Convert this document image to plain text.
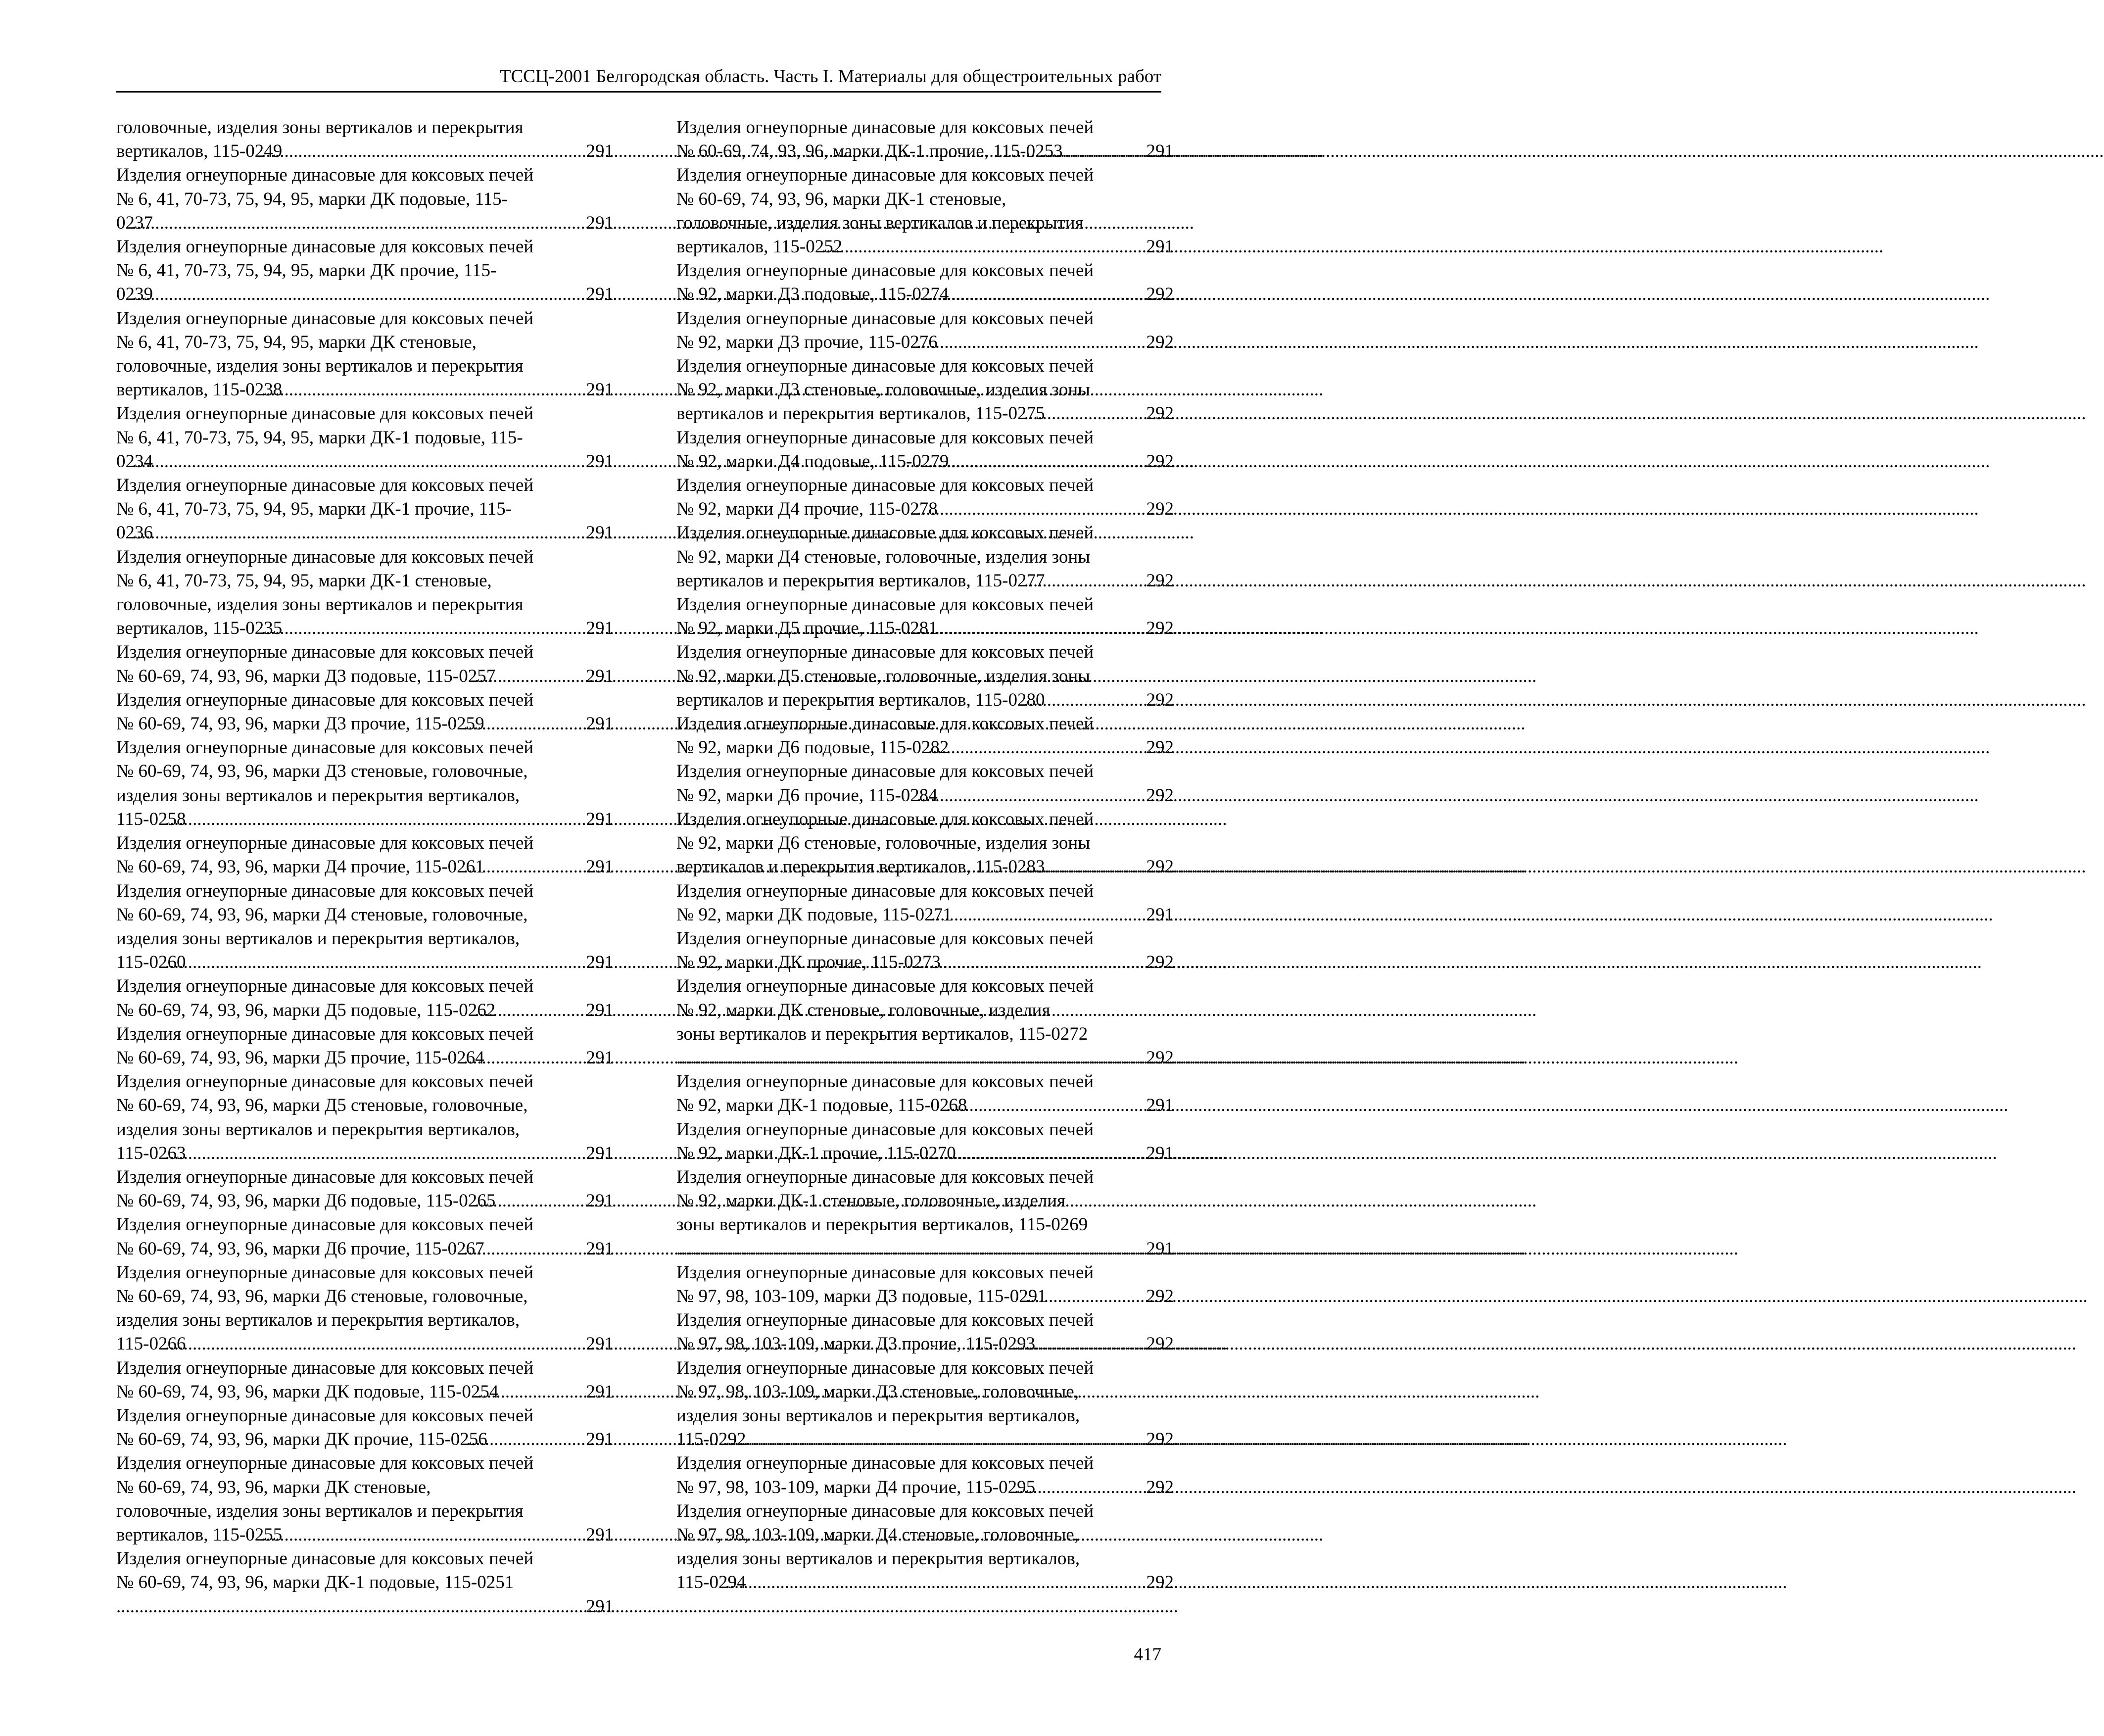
ТССЦ-2001 Белгородская область. Часть I. Материалы для общестроительных работ

головочные, изделия зоны вертикалов и перекрытия
вертикалов, 115-0249 .....	291

Изделия огнеупорные динасовые для коксовых печей
№ 6, 41, 70-73, 75, 94, 95, марки ДК подовые, 115-
0237 .....	291

Изделия огнеупорные динасовые для коксовых печей
№ 6, 41, 70-73, 75, 94, 95, марки ДК прочие, 115-
0239 .....	291

Изделия огнеупорные динасовые для коксовых печей
№ 6, 41, 70-73, 75, 94, 95, марки ДК стеновые,
головочные, изделия зоны вертикалов и перекрытия
вертикалов, 115-0238 .....	291

Изделия огнеупорные динасовые для коксовых печей
№ 6, 41, 70-73, 75, 94, 95, марки ДК-1 подовые, 115-
0234 .....	291

Изделия огнеупорные динасовые для коксовых печей
№ 6, 41, 70-73, 75, 94, 95, марки ДК-1 прочие, 115-
0236 .....	291

Изделия огнеупорные динасовые для коксовых печей
№ 6, 41, 70-73, 75, 94, 95, марки ДК-1 стеновые,
головочные, изделия зоны вертикалов и перекрытия
вертикалов, 115-0235 .....	291

Изделия огнеупорные динасовые для коксовых печей
№ 60-69, 74, 93, 96, марки Д3 подовые, 115-0257 .....	291

Изделия огнеупорные динасовые для коксовых печей
№ 60-69, 74, 93, 96, марки Д3 прочие, 115-0259 .....	291

Изделия огнеупорные динасовые для коксовых печей
№ 60-69, 74, 93, 96, марки Д3 стеновые, головочные,
изделия зоны вертикалов и перекрытия вертикалов,
115-0258 .....	291

Изделия огнеупорные динасовые для коксовых печей
№ 60-69, 74, 93, 96, марки Д4 прочие, 115-0261 .....	291

Изделия огнеупорные динасовые для коксовых печей
№ 60-69, 74, 93, 96, марки Д4 стеновые, головочные,
изделия зоны вертикалов и перекрытия вертикалов,
115-0260 .....	291

Изделия огнеупорные динасовые для коксовых печей
№ 60-69, 74, 93, 96, марки Д5 подовые, 115-0262 .....	291

Изделия огнеупорные динасовые для коксовых печей
№ 60-69, 74, 93, 96, марки Д5 прочие, 115-0264 .....	291

Изделия огнеупорные динасовые для коксовых печей
№ 60-69, 74, 93, 96, марки Д5 стеновые, головочные,
изделия зоны вертикалов и перекрытия вертикалов,
115-0263 .....	291

Изделия огнеупорные динасовые для коксовых печей
№ 60-69, 74, 93, 96, марки Д6 подовые, 115-0265 .....	291

Изделия огнеупорные динасовые для коксовых печей
№ 60-69, 74, 93, 96, марки Д6 прочие, 115-0267 .....	291

Изделия огнеупорные динасовые для коксовых печей
№ 60-69, 74, 93, 96, марки Д6 стеновые, головочные,
изделия зоны вертикалов и перекрытия вертикалов,
115-0266 .....	291

Изделия огнеупорные динасовые для коксовых печей
№ 60-69, 74, 93, 96, марки ДК подовые, 115-0254 .....	291

Изделия огнеупорные динасовые для коксовых печей
№ 60-69, 74, 93, 96, марки ДК прочие, 115-0256 .....	291

Изделия огнеупорные динасовые для коксовых печей
№ 60-69, 74, 93, 96, марки ДК стеновые,
головочные, изделия зоны вертикалов и перекрытия
вертикалов, 115-0255 .....	291

Изделия огнеупорные динасовые для коксовых печей
№ 60-69, 74, 93, 96, марки ДК-1 подовые, 115-0251
.....
291

Изделия огнеупорные динасовые для коксовых печей
№ 60-69, 74, 93, 96, марки ДК-1 прочие, 115-0253 .....	291

Изделия огнеупорные динасовые для коксовых печей
№ 60-69, 74, 93, 96, марки ДК-1 стеновые,
головочные, изделия зоны вертикалов и перекрытия
вертикалов, 115-0252 .....	291

Изделия огнеупорные динасовые для коксовых печей
№ 92, марки Д3 подовые, 115-0274 .....	292

Изделия огнеупорные динасовые для коксовых печей
№ 92, марки Д3 прочие, 115-0276 .....	292

Изделия огнеупорные динасовые для коксовых печей
№ 92, марки Д3 стеновые, головочные, изделия зоны
вертикалов и перекрытия вертикалов, 115-0275 .....	292

Изделия огнеупорные динасовые для коксовых печей
№ 92, марки Д4 подовые, 115-0279 .....	292

Изделия огнеупорные динасовые для коксовых печей
№ 92, марки Д4 прочие, 115-0278 .....	292

Изделия огнеупорные динасовые для коксовых печей
№ 92, марки Д4 стеновые, головочные, изделия зоны
вертикалов и перекрытия вертикалов, 115-0277 .....	292

Изделия огнеупорные динасовые для коксовых печей
№ 92, марки Д5 прочие, 115-0281 .....	292

Изделия огнеупорные динасовые для коксовых печей
№ 92, марки Д5 стеновые, головочные, изделия зоны
вертикалов и перекрытия вертикалов, 115-0280 .....	292

Изделия огнеупорные динасовые для коксовых печей
№ 92, марки Д6 подовые, 115-0282 .....	292

Изделия огнеупорные динасовые для коксовых печей
№ 92, марки Д6 прочие, 115-0284 .....	292

Изделия огнеупорные динасовые для коксовых печей
№ 92, марки Д6 стеновые, головочные, изделия зоны
вертикалов и перекрытия вертикалов, 115-0283 .....	292

Изделия огнеупорные динасовые для коксовых печей
№ 92, марки ДК подовые, 115-0271 .....	291

Изделия огнеупорные динасовые для коксовых печей
№ 92, марки ДК прочие, 115-0273 .....	292

Изделия огнеупорные динасовые для коксовых печей
№ 92, марки ДК стеновые, головочные, изделия
зоны вертикалов и перекрытия вертикалов, 115-0272
.....
292

Изделия огнеупорные динасовые для коксовых печей
№ 92, марки ДК-1 подовые, 115-0268 .....	291

Изделия огнеупорные динасовые для коксовых печей
№ 92, марки ДК-1 прочие, 115-0270 .....	291

Изделия огнеупорные динасовые для коксовых печей
№ 92, марки ДК-1 стеновые, головочные, изделия
зоны вертикалов и перекрытия вертикалов, 115-0269
.....
291

Изделия огнеупорные динасовые для коксовых печей
№ 97, 98, 103-109, марки Д3 подовые, 115-0291 .....	292

Изделия огнеупорные динасовые для коксовых печей
№ 97, 98, 103-109, марки Д3 прочие, 115-0293 .....	292

Изделия огнеупорные динасовые для коксовых печей
№ 97, 98, 103-109, марки Д3 стеновые, головочные,
изделия зоны вертикалов и перекрытия вертикалов,
115-0292 .....	292

Изделия огнеупорные динасовые для коксовых печей
№ 97, 98, 103-109, марки Д4 прочие, 115-0295 .....	292

Изделия огнеупорные динасовые для коксовых печей
№ 97, 98, 103-109, марки Д4 стеновые, головочные,
изделия зоны вертикалов и перекрытия вертикалов,
115-0294 .....	292

417
